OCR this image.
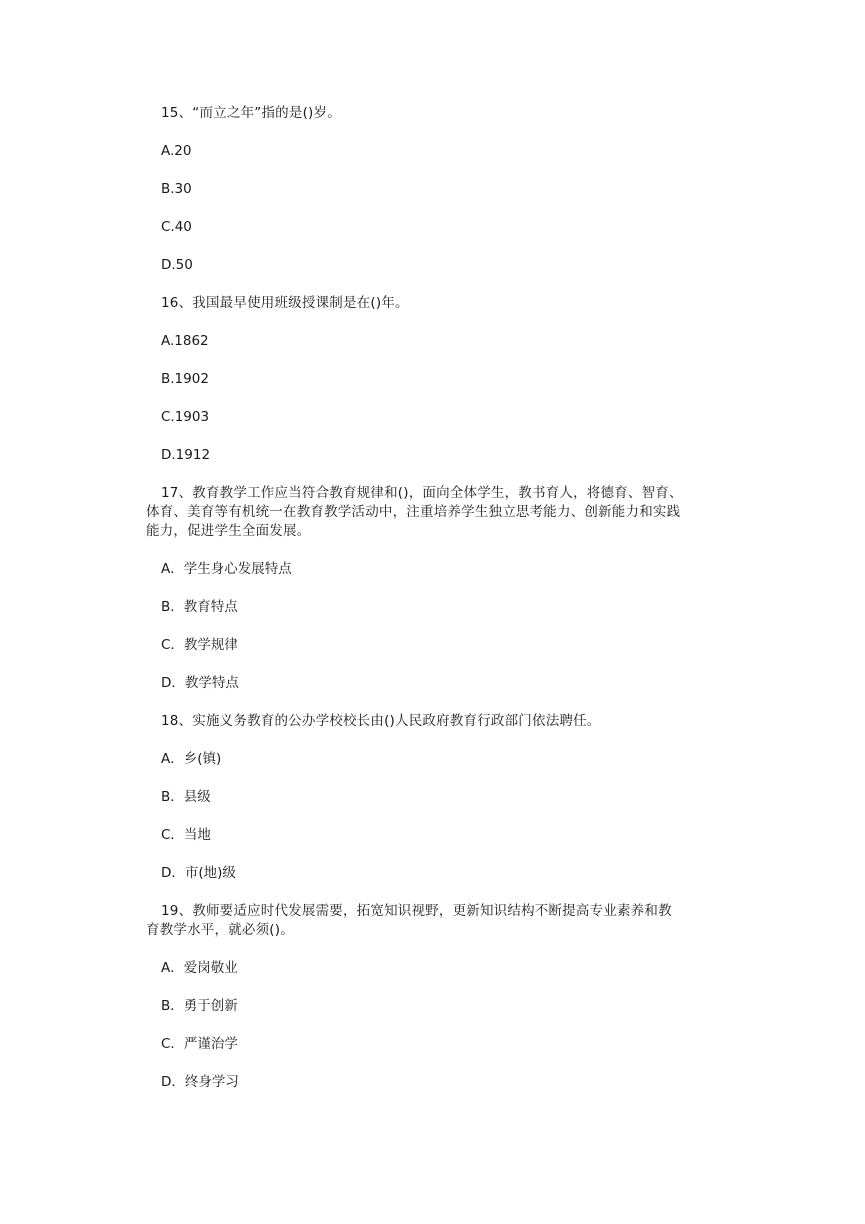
15、“而立之年”指的是()岁。

A.20

B.30

C.40

D.50

16、我国最早使用班级授课制是在()年。

A.1862

B.1902

C.1903

D.1912

17、教育教学工作应当符合教育规律和()，面向全体学生，教书育人，将德育、智育、

体育、美育等有机统一在教育教学活动中，注重培养学生独立思考能力、创新能力和实践

能力，促进学生全面发展。

A．学生身心发展特点

B．教育特点

C．教学规律

D．教学特点

18、实施义务教育的公办学校校长由()人民政府教育行政部门依法聘任。

A．乡(镇)

B．县级

C．当地

D．市(地)级

19、教师要适应时代发展需要，拓宽知识视野，更新知识结构不断提高专业素养和教

育教学水平，就必须()。

A．爱岗敬业

B．勇于创新

C．严谨治学

D．终身学习
